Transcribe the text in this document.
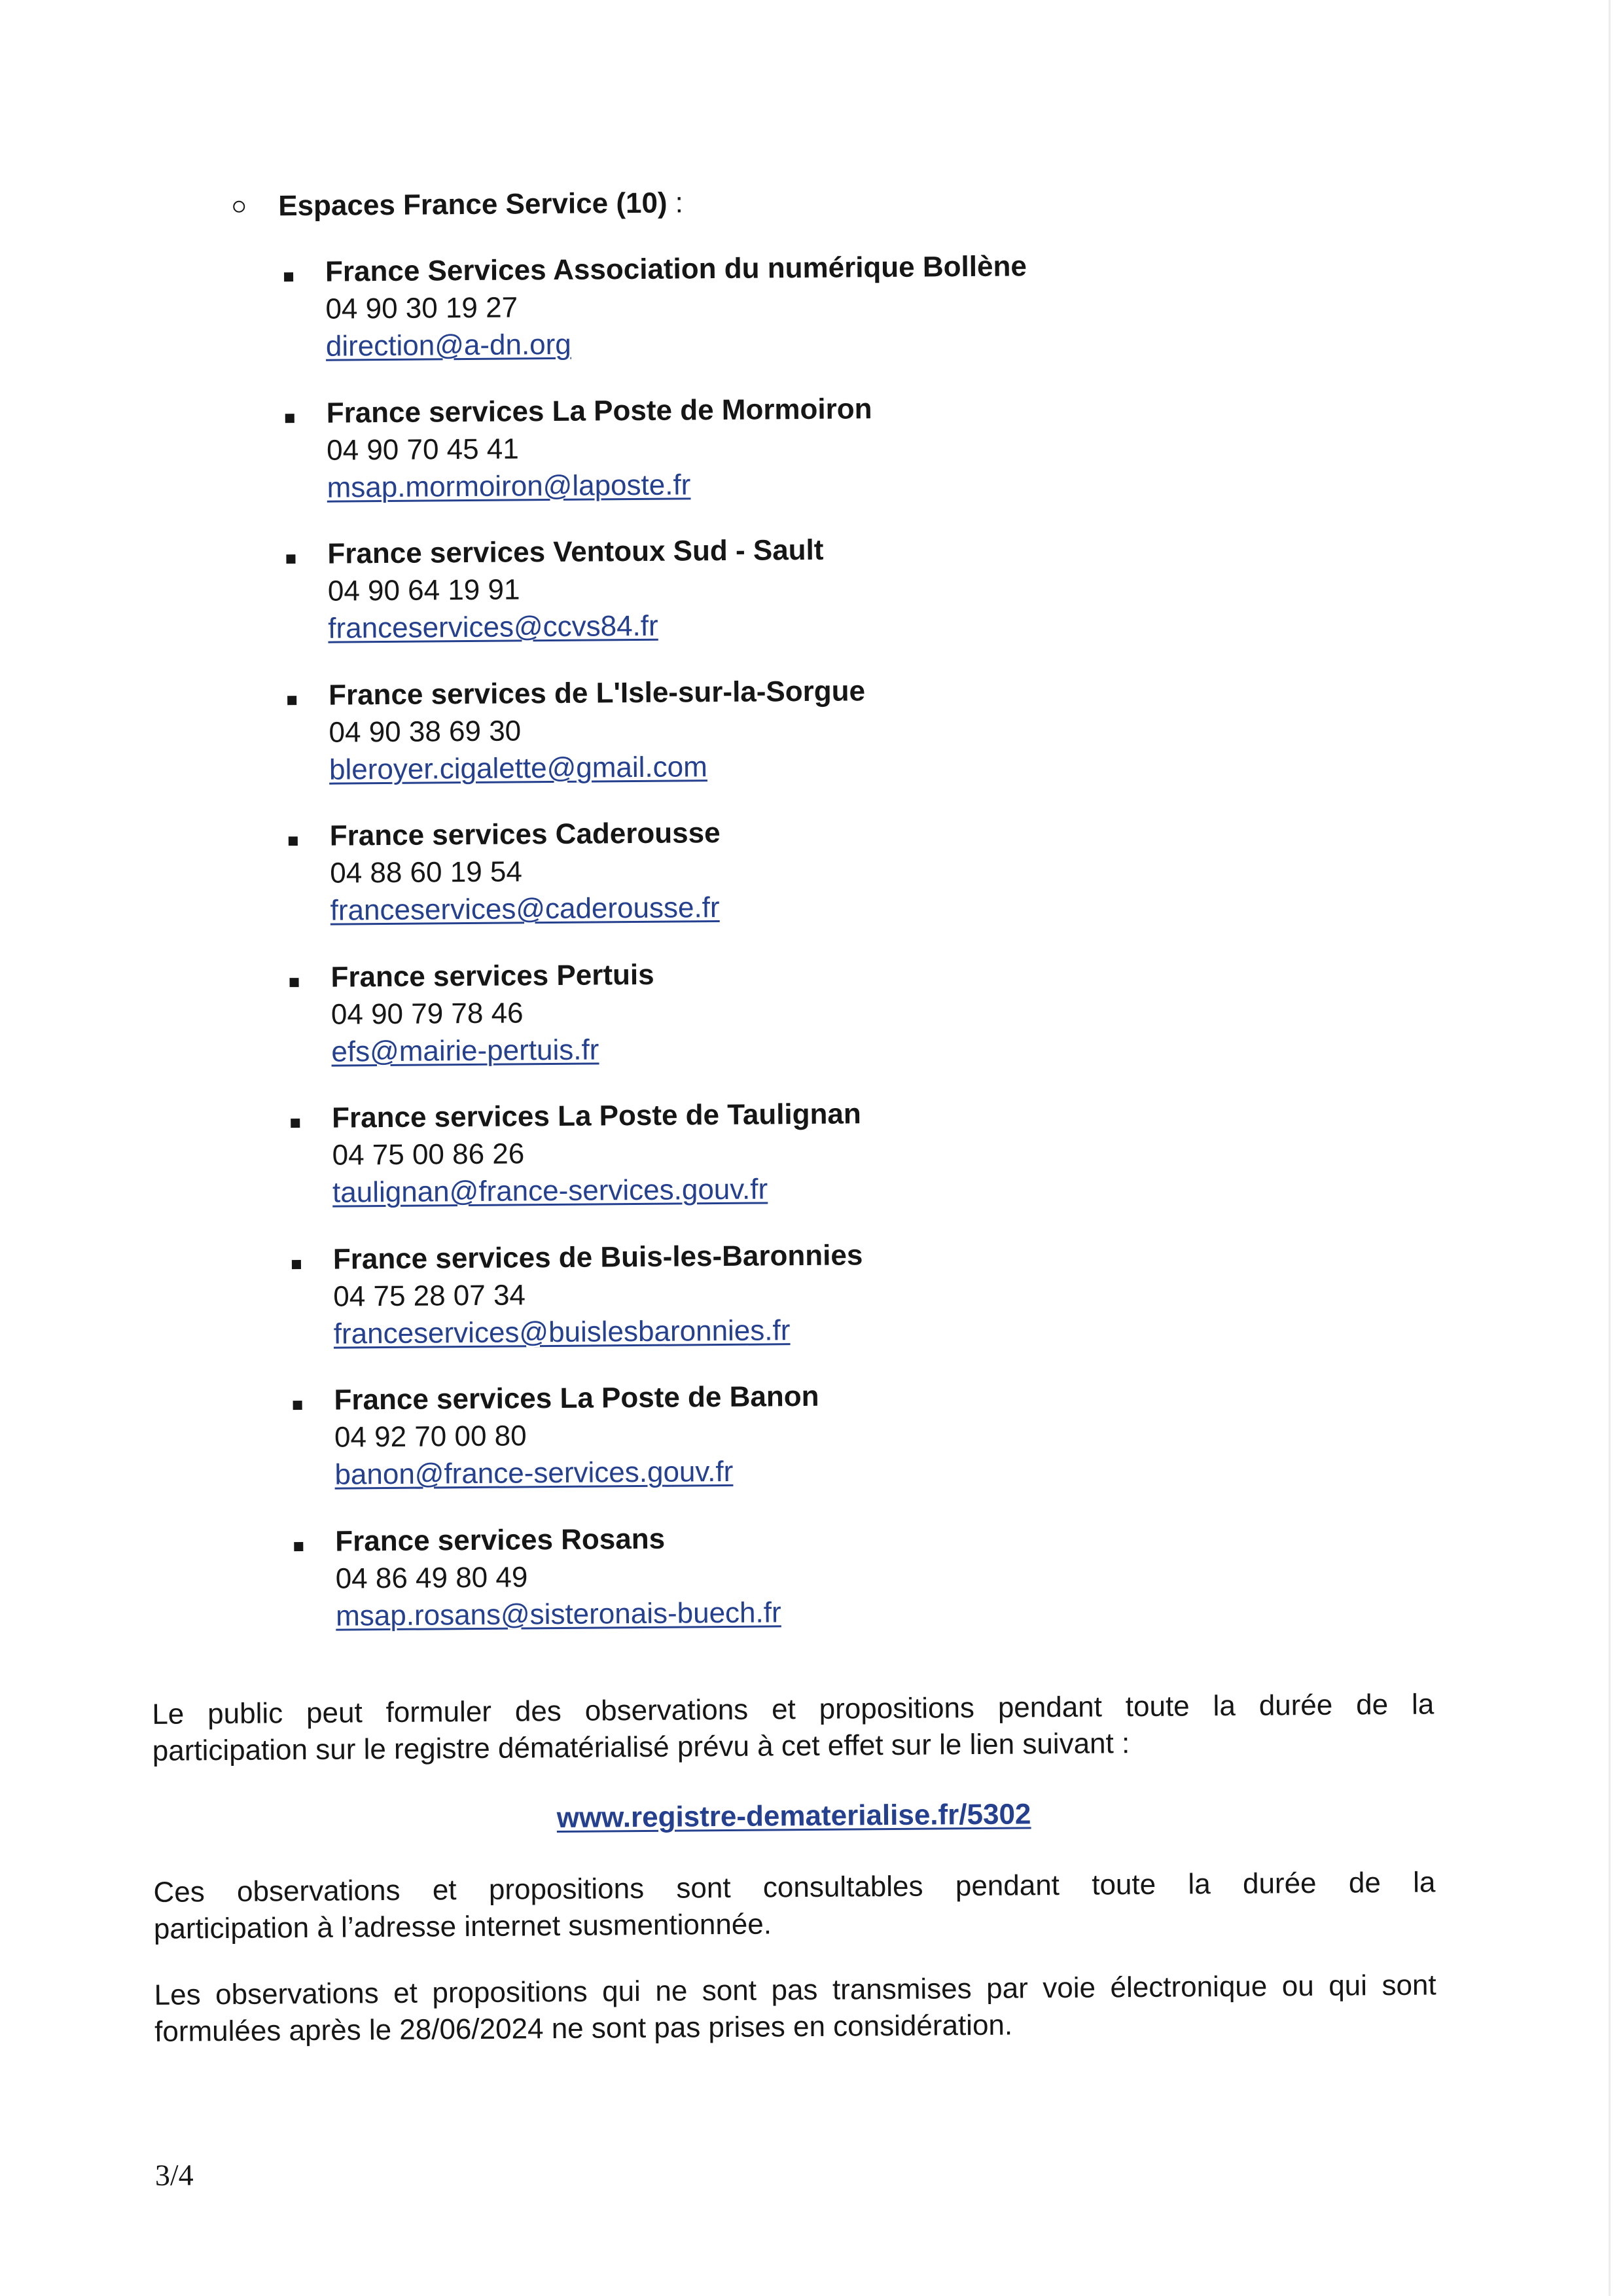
Espaces France Service (10) :
France Services Association du numérique Bollène
04 90 30 19 27
direction@a-dn.org
France services La Poste de Mormoiron
04 90 70 45 41
msap.mormoiron@laposte.fr
France services Ventoux Sud - Sault
04 90 64 19 91
franceservices@ccvs84.fr
France services de L'Isle-sur-la-Sorgue
04 90 38 69 30
bleroyer.cigalette@gmail.com
France services Caderousse
04 88 60 19 54
franceservices@caderousse.fr
France services Pertuis
04 90 79 78 46
efs@mairie-pertuis.fr
France services La Poste de Taulignan
04 75 00 86 26
taulignan@france-services.gouv.fr
France services de Buis-les-Baronnies
04 75 28 07 34
franceservices@buislesbaronnies.fr
France services La Poste de Banon
04 92 70 00 80
banon@france-services.gouv.fr
France services Rosans
04 86 49 80 49
msap.rosans@sisteronais-buech.fr
Le public peut formuler des observations et propositions pendant toute la durée de la
participation sur le registre dématérialisé prévu à cet effet sur le lien suivant :
www.registre-dematerialise.fr/5302
Ces observations et propositions sont consultables pendant toute la durée de la
participation à l’adresse internet susmentionnée.
Les observations et propositions qui ne sont pas transmises par voie électronique ou qui sont
formulées après le 28/06/2024 ne sont pas prises en considération.
3/4
